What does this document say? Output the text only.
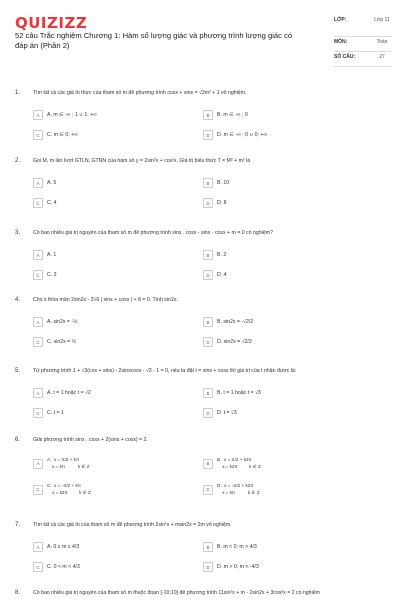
QUIZIZZ
52 câu Trắc nghiệm Chương 1: Hàm số lượng giác và phương trình lượng giác có đáp án (Phần 2)
LỚP:	Lớp 11
MÔN:	Toán
SỐ CÂU:	27
1. Tìm tất cả các giá trị thực của tham số m để phương trình cosx + sinx = √2m² + 1 vô nghiệm.
A	A. m ∈ -∞ ; 1 ∪ 1; +∞	B	B. m ∈ -∞ ; 0
C	C. m ∈ 0; +∞	D	D. m ∈ -∞ ; 0 ∪ 0; +∞
2. Gọi M, m lần lượt GTLN, GTNN của hàm số y = 2sin²x + cos²x. Giá trị biểu thức T = M² + m² là
A	A. 5	B	B. 10
C	C. 4	D	D. 8
3. Có bao nhiêu giá trị nguyên của tham số m để phương trình sinx . cosx - sinx - cosx + m = 0 có nghiệm?
A	A. 1	B	B. 2
C	C. 3	D	D. 4
4. Cho x thỏa mãn 2sin2x - 3√6 | sinx + cosx | + 8 = 0. Tính sin2x.
A	A. sin2x = -½	B	B. sin2x = -√2/2
C	C. sin2x = ½	D	D. sin2x = √2/2
5. Từ phương trình 1 + √3(cos + sinx) - 2sinxcosx - √3 - 1 = 0, nếu ta đặt t = sinx + cosx thì giá trị của t nhận được là:
A	A. t = 1 hoặc t = √2	B	B. t = 1 hoặc t = √3
C	C. t = 1	D	D. t = √3
6. Giải phương trình sinx . cosx + 2(sinx + cosx) = 2.
A
A.  x = π/2 + kπ
x = kπ          k ∈ Z	B
B.  x = π/2 + k2π
x = k2π         k ∈ Z
C
C.  x = -π/2 + kπ
x = k2π         k ∈ Z	D
D.  x = -π/2 + k2π
x = kπ          k ∈ Z
7. Tìm tất cả các giá trị của tham số m để phương trình 2sin²x + msin2x = 2m vô nghiệm.
A	A. 0 ≤ m ≤ 4/3	B	B. m < 0; m > 4/3
C	C. 0 < m < 4/3	D	D. m > 0; m < -4/3
8. Có bao nhiêu giá trị nguyên của tham số m thuộc đoạn [-10;10] để phương trình 11sin²x + m - 2sin2x + 3cos²x = 2 có nghiệm
